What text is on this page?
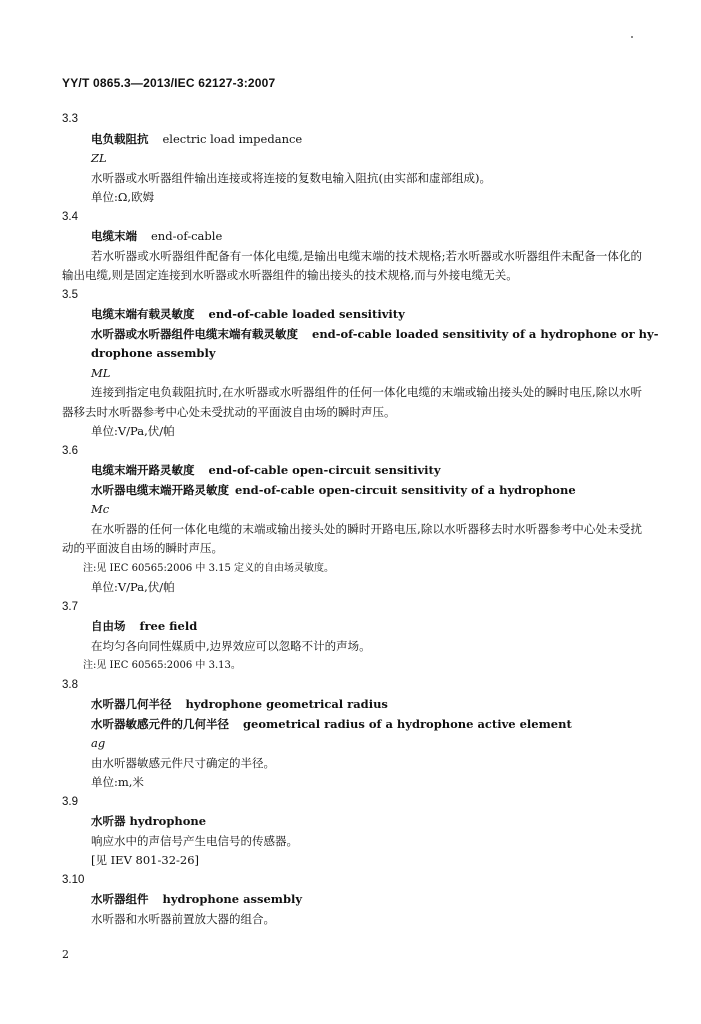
YY/T 0865.3—2013/IEC 62127-3:2007
3.3
电负载阻抗 electric load impedance
ZL
水听器或水听器组件输出连接或将连接的复数电输入阻抗(由实部和虚部组成)。
单位:Ω,欧姆
3.4
电缆末端 end-of-cable
若水听器或水听器组件配备有一体化电缆,是输出电缆末端的技术规格;若水听器或水听器组件未配备一体化的输出电缆,则是固定连接到水听器或水听器组件的输出接头的技术规格,而与外接电缆无关。
3.5
电缆末端有载灵敏度 end-of-cable loaded sensitivity
水听器或水听器组件电缆末端有载灵敏度 end-of-cable loaded sensitivity of a hydrophone or hy-
drophone assembly
ML
连接到指定电负载阻抗时,在水听器或水听器组件的任何一体化电缆的末端或输出接头处的瞬时电压,除以水听器移去时水听器参考中心处未受扰动的平面波自由场的瞬时声压。
单位:V/Pa,伏/帕
3.6
电缆末端开路灵敏度 end-of-cable open-circuit sensitivity
水听器电缆末端开路灵敏度 end-of-cable open-circuit sensitivity of a hydrophone
Mc
在水听器的任何一体化电缆的末端或输出接头处的瞬时开路电压,除以水听器移去时水听器参考中心处未受扰动的平面波自由场的瞬时声压。
注:见 IEC 60565:2006 中 3.15 定义的自由场灵敏度。
单位:V/Pa,伏/帕
3.7
自由场 free field
在均匀各向同性媒质中,边界效应可以忽略不计的声场。
注:见 IEC 60565:2006 中 3.13。
3.8
水听器几何半径 hydrophone geometrical radius
水听器敏感元件的几何半径 geometrical radius of a hydrophone active element
ag
由水听器敏感元件尺寸确定的半径。
单位:m,米
3.9
水听器 hydrophone
响应水中的声信号产生电信号的传感器。
[见 IEV 801-32-26]
3.10
水听器组件 hydrophone assembly
水听器和水听器前置放大器的组合。
2
